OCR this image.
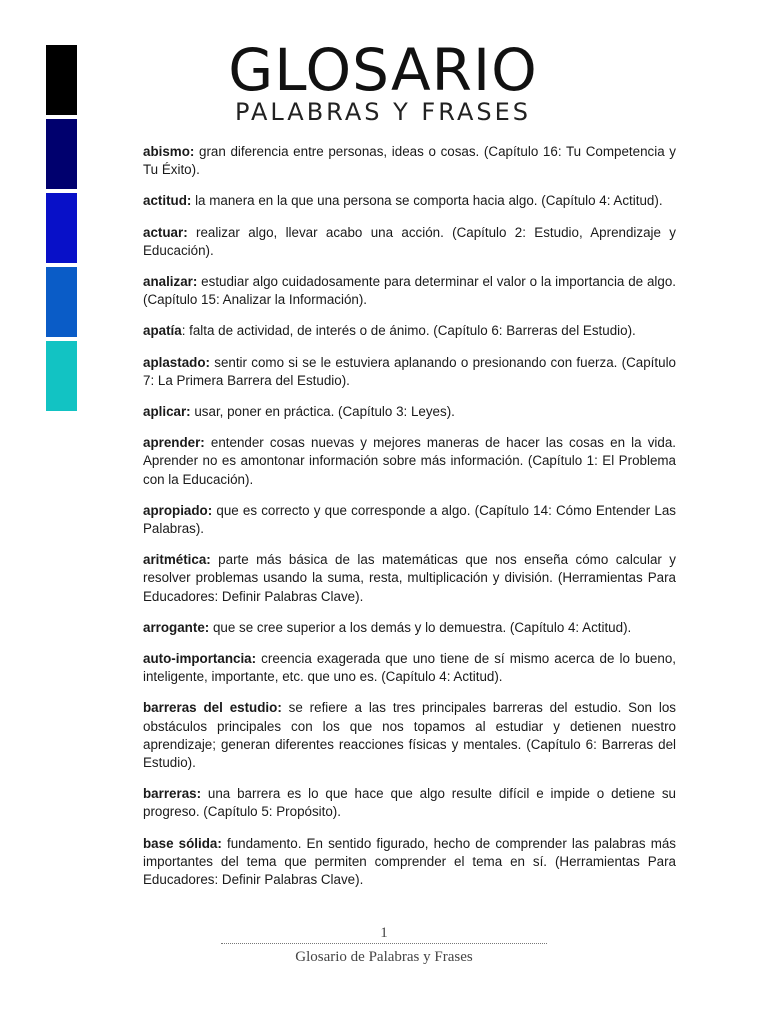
GLOSARIO
PALABRAS Y FRASES

abismo: gran diferencia entre personas, ideas o cosas. (Capítulo 16: Tu Competencia y Tu Éxito).

actitud: la manera en la que una persona se comporta hacia algo. (Capítulo 4: Actitud).

actuar: realizar algo, llevar acabo una acción. (Capítulo 2: Estudio, Aprendizaje y Educación).

analizar: estudiar algo cuidadosamente para determinar el valor o la importancia de algo. (Capítulo 15: Analizar la Información).

apatía: falta de actividad, de interés o de ánimo. (Capítulo 6: Barreras del Estudio).

aplastado: sentir como si se le estuviera aplanando o presionando con fuerza. (Capítulo 7: La Primera Barrera del Estudio).

aplicar: usar, poner en práctica. (Capítulo 3: Leyes).

aprender: entender cosas nuevas y mejores maneras de hacer las cosas en la vida. Aprender no es amontonar información sobre más información. (Capítulo 1: El Problema con la Educación).

apropiado: que es correcto y que corresponde a algo. (Capítulo 14: Cómo Entender Las Palabras).

aritmética: parte más básica de las matemáticas que nos enseña cómo calcular y resolver problemas usando la suma, resta, multiplicación y división. (Herramientas Para Educadores: Definir Palabras Clave).

arrogante: que se cree superior a los demás y lo demuestra. (Capítulo 4: Actitud).

auto-importancia: creencia exagerada que uno tiene de sí mismo acerca de lo bueno, inteligente, importante, etc. que uno es. (Capítulo 4: Actitud).

barreras del estudio: se refiere a las tres principales barreras del estudio. Son los obstáculos principales con los que nos topamos al estudiar y detienen nuestro aprendizaje; generan diferentes reacciones físicas y mentales. (Capítulo 6: Barreras del Estudio).

barreras: una barrera es lo que hace que algo resulte difícil e impide o detiene su progreso. (Capítulo 5: Propósito).

base sólida: fundamento. En sentido figurado, hecho de comprender las palabras más importantes del tema que permiten comprender el tema en sí. (Herramientas Para Educadores: Definir Palabras Clave).

1
Glosario de Palabras y Frases
